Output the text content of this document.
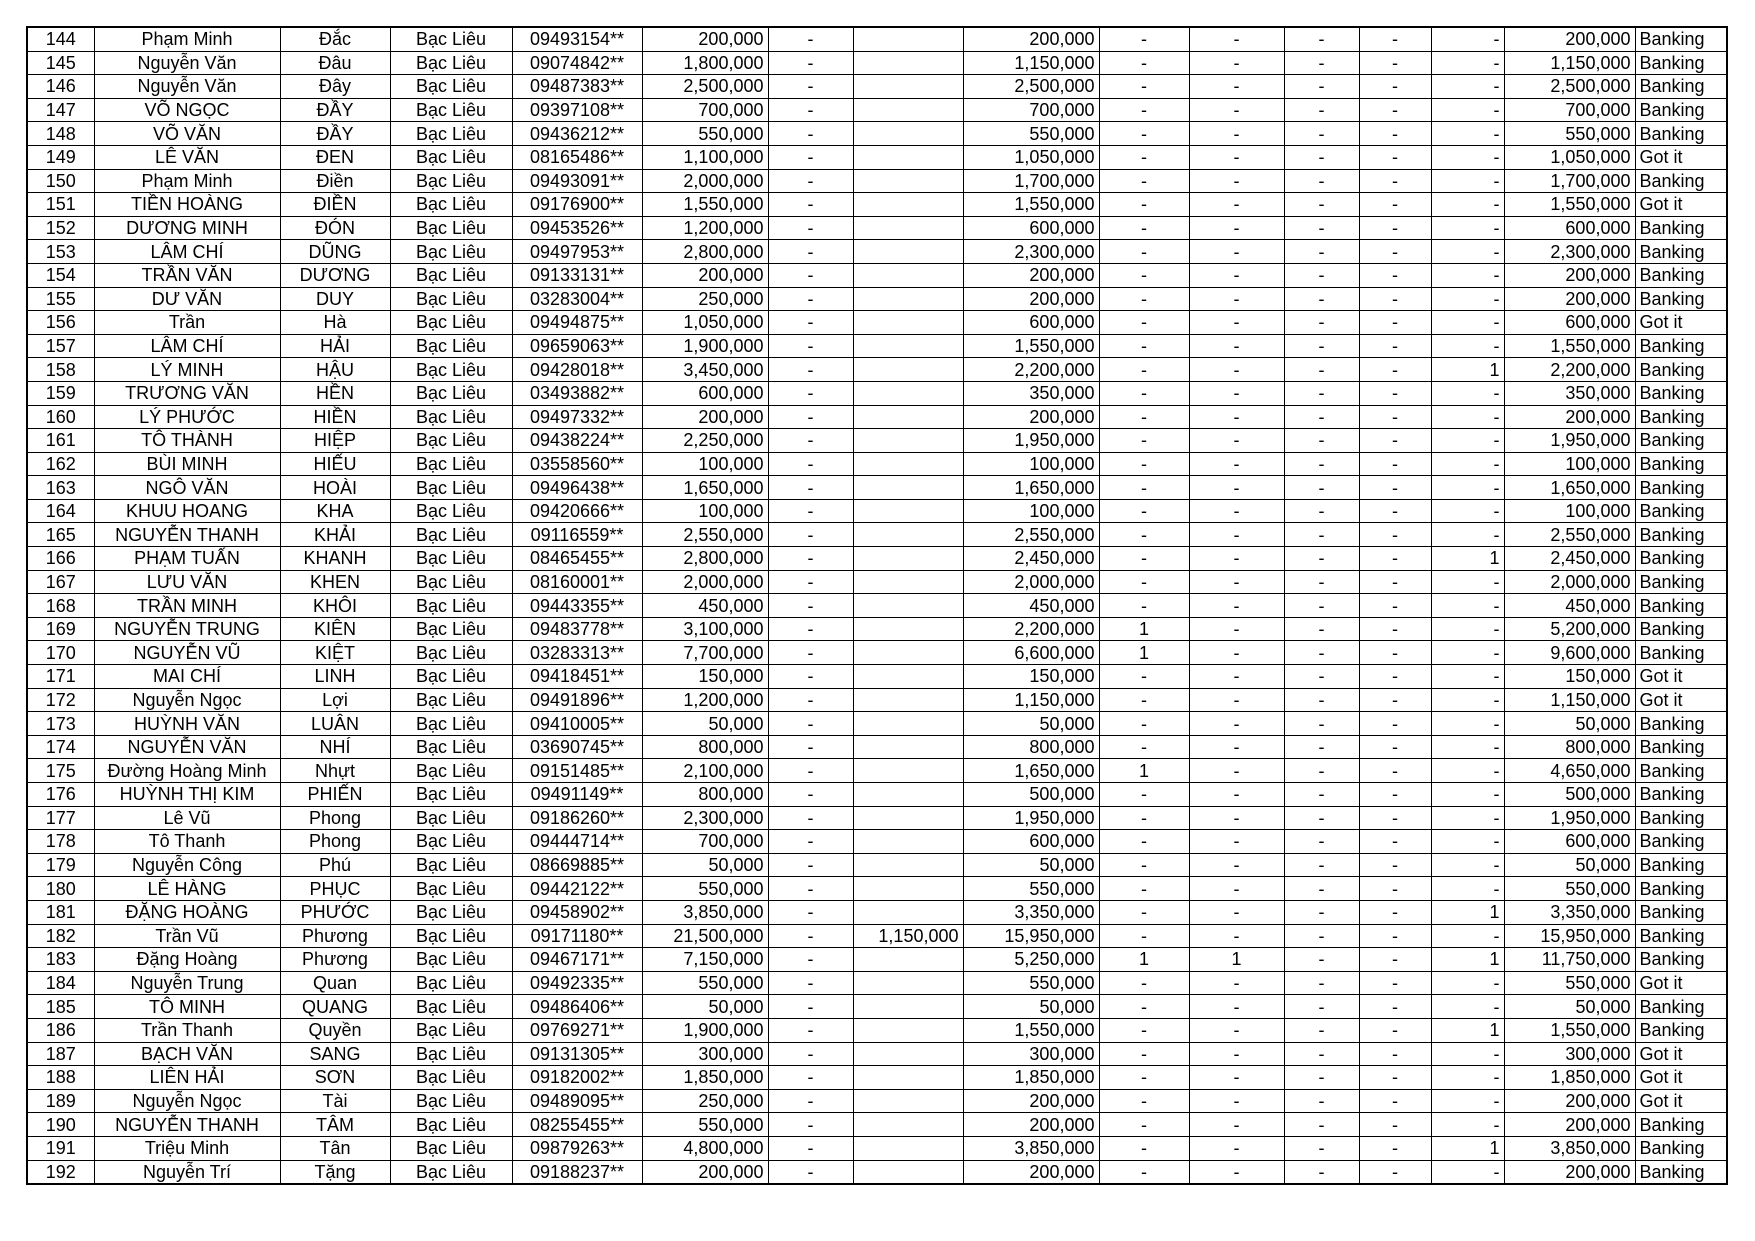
144	Phạm Minh	Đắc	Bạc Liêu	09493154**	200,000	-		200,000	-	-	-	-	-	200,000	Banking
145	Nguyễn Văn	Đâu	Bạc Liêu	09074842**	1,800,000	-		1,150,000	-	-	-	-	-	1,150,000	Banking
146	Nguyễn Văn	Đây	Bạc Liêu	09487383**	2,500,000	-		2,500,000	-	-	-	-	-	2,500,000	Banking
147	VÕ NGỌC	ĐẦY	Bạc Liêu	09397108**	700,000	-		700,000	-	-	-	-	-	700,000	Banking
148	VÕ VĂN	ĐẦY	Bạc Liêu	09436212**	550,000	-		550,000	-	-	-	-	-	550,000	Banking
149	LÊ VĂN	ĐEN	Bạc Liêu	08165486**	1,100,000	-		1,050,000	-	-	-	-	-	1,050,000	Got it
150	Phạm Minh	Điền	Bạc Liêu	09493091**	2,000,000	-		1,700,000	-	-	-	-	-	1,700,000	Banking
151	TIỀN HOÀNG	ĐIỀN	Bạc Liêu	09176900**	1,550,000	-		1,550,000	-	-	-	-	-	1,550,000	Got it
152	DƯƠNG MINH	ĐÓN	Bạc Liêu	09453526**	1,200,000	-		600,000	-	-	-	-	-	600,000	Banking
153	LÂM CHÍ	DŨNG	Bạc Liêu	09497953**	2,800,000	-		2,300,000	-	-	-	-	-	2,300,000	Banking
154	TRẦN VĂN	DƯƠNG	Bạc Liêu	09133131**	200,000	-		200,000	-	-	-	-	-	200,000	Banking
155	DƯ VĂN	DUY	Bạc Liêu	03283004**	250,000	-		200,000	-	-	-	-	-	200,000	Banking
156	Trần	Hà	Bạc Liêu	09494875**	1,050,000	-		600,000	-	-	-	-	-	600,000	Got it
157	LÂM CHÍ	HẢI	Bạc Liêu	09659063**	1,900,000	-		1,550,000	-	-	-	-	-	1,550,000	Banking
158	LÝ MINH	HẬU	Bạc Liêu	09428018**	3,450,000	-		2,200,000	-	-	-	-	1	2,200,000	Banking
159	TRƯƠNG VĂN	HỀN	Bạc Liêu	03493882**	600,000	-		350,000	-	-	-	-	-	350,000	Banking
160	LÝ PHƯỚC	HIỀN	Bạc Liêu	09497332**	200,000	-		200,000	-	-	-	-	-	200,000	Banking
161	TÔ THÀNH	HIỆP	Bạc Liêu	09438224**	2,250,000	-		1,950,000	-	-	-	-	-	1,950,000	Banking
162	BÙI MINH	HIẾU	Bạc Liêu	03558560**	100,000	-		100,000	-	-	-	-	-	100,000	Banking
163	NGÔ VĂN	HOÀI	Bạc Liêu	09496438**	1,650,000	-		1,650,000	-	-	-	-	-	1,650,000	Banking
164	KHUU HOANG	KHA	Bạc Liêu	09420666**	100,000	-		100,000	-	-	-	-	-	100,000	Banking
165	NGUYỄN THANH	KHẢI	Bạc Liêu	09116559**	2,550,000	-		2,550,000	-	-	-	-	-	2,550,000	Banking
166	PHẠM TUẤN	KHANH	Bạc Liêu	08465455**	2,800,000	-		2,450,000	-	-	-	-	1	2,450,000	Banking
167	LƯU VĂN	KHEN	Bạc Liêu	08160001**	2,000,000	-		2,000,000	-	-	-	-	-	2,000,000	Banking
168	TRẦN MINH	KHÔI	Bạc Liêu	09443355**	450,000	-		450,000	-	-	-	-	-	450,000	Banking
169	NGUYỄN TRUNG	KIÊN	Bạc Liêu	09483778**	3,100,000	-		2,200,000	1	-	-	-	-	5,200,000	Banking
170	NGUYỄN VŨ	KIỆT	Bạc Liêu	03283313**	7,700,000	-		6,600,000	1	-	-	-	-	9,600,000	Banking
171	MAI CHÍ	LINH	Bạc Liêu	09418451**	150,000	-		150,000	-	-	-	-	-	150,000	Got it
172	Nguyễn Ngọc	Lợi	Bạc Liêu	09491896**	1,200,000	-		1,150,000	-	-	-	-	-	1,150,000	Got it
173	HUỲNH VĂN	LUÂN	Bạc Liêu	09410005**	50,000	-		50,000	-	-	-	-	-	50,000	Banking
174	NGUYỄN VĂN	NHÍ	Bạc Liêu	03690745**	800,000	-		800,000	-	-	-	-	-	800,000	Banking
175	Đường Hoàng Minh	Nhựt	Bạc Liêu	09151485**	2,100,000	-		1,650,000	1	-	-	-	-	4,650,000	Banking
176	HUỲNH THỊ KIM	PHIẾN	Bạc Liêu	09491149**	800,000	-		500,000	-	-	-	-	-	500,000	Banking
177	Lê Vũ	Phong	Bạc Liêu	09186260**	2,300,000	-		1,950,000	-	-	-	-	-	1,950,000	Banking
178	Tô Thanh	Phong	Bạc Liêu	09444714**	700,000	-		600,000	-	-	-	-	-	600,000	Banking
179	Nguyễn Công	Phú	Bạc Liêu	08669885**	50,000	-		50,000	-	-	-	-	-	50,000	Banking
180	LÊ HÀNG	PHỤC	Bạc Liêu	09442122**	550,000	-		550,000	-	-	-	-	-	550,000	Banking
181	ĐẶNG HOÀNG	PHƯỚC	Bạc Liêu	09458902**	3,850,000	-		3,350,000	-	-	-	-	1	3,350,000	Banking
182	Trần Vũ	Phương	Bạc Liêu	09171180**	21,500,000	-	1,150,000	15,950,000	-	-	-	-	-	15,950,000	Banking
183	Đặng Hoàng	Phương	Bạc Liêu	09467171**	7,150,000	-		5,250,000	1	1	-	-	1	11,750,000	Banking
184	Nguyễn Trung	Quan	Bạc Liêu	09492335**	550,000	-		550,000	-	-	-	-	-	550,000	Got it
185	TÔ MINH	QUANG	Bạc Liêu	09486406**	50,000	-		50,000	-	-	-	-	-	50,000	Banking
186	Trần Thanh	Quyền	Bạc Liêu	09769271**	1,900,000	-		1,550,000	-	-	-	-	1	1,550,000	Banking
187	BẠCH VĂN	SANG	Bạc Liêu	09131305**	300,000	-		300,000	-	-	-	-	-	300,000	Got it
188	LIÊN HẢI	SƠN	Bạc Liêu	09182002**	1,850,000	-		1,850,000	-	-	-	-	-	1,850,000	Got it
189	Nguyễn Ngọc	Tài	Bạc Liêu	09489095**	250,000	-		200,000	-	-	-	-	-	200,000	Got it
190	NGUYỄN THANH	TÂM	Bạc Liêu	08255455**	550,000	-		200,000	-	-	-	-	-	200,000	Banking
191	Triệu Minh	Tân	Bạc Liêu	09879263**	4,800,000	-		3,850,000	-	-	-	-	1	3,850,000	Banking
192	Nguyễn Trí	Tặng	Bạc Liêu	09188237**	200,000	-		200,000	-	-	-	-	-	200,000	Banking
